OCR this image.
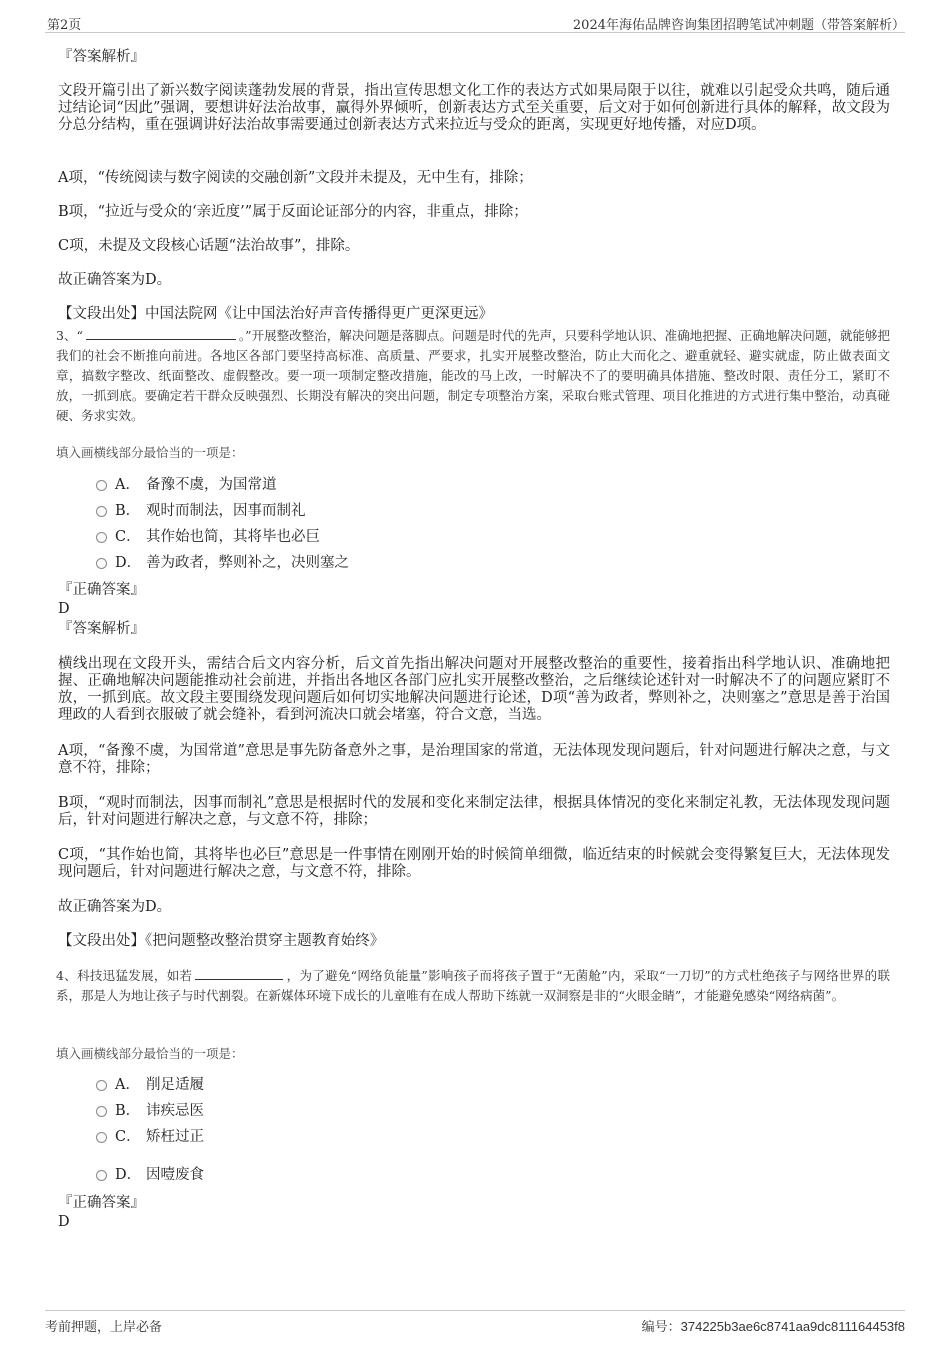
第2页	2024年海佑品牌咨询集团招聘笔试冲刺题（带答案解析）
『答案解析』
文段开篇引出了新兴数字阅读蓬勃发展的背景，指出宣传思想文化工作的表达方式如果局限于以往，就难以引起受众共鸣，随后通过结论词“因此”强调，要想讲好法治故事，赢得外界倾听，创新表达方式至关重要，后文对于如何创新进行具体的解释，故文段为分总分结构，重在强调讲好法治故事需要通过创新表达方式来拉近与受众的距离，实现更好地传播，对应D项。
A项，“传统阅读与数字阅读的交融创新”文段并未提及，无中生有，排除；
B项，“拉近与受众的‘亲近度’”属于反面论证部分的内容，非重点，排除；
C项，未提及文段核心话题“法治故事”，排除。
故正确答案为D。
【文段出处】中国法院网《让中国法治好声音传播得更广更深更远》
3、“	。”开展整改整治，解决问题是落脚点。问题是时代的先声，只要科学地认识、准确地把握、正确地解决问题，就能够把我们的社会不断推向前进。各地区各部门要坚持高标准、高质量、严要求，扎实开展整改整治，防止大而化之、避重就轻、避实就虚，防止做表面文章，搞数字整改、纸面整改、虚假整改。要一项一项制定整改措施，能改的马上改，一时解决不了的要明确具体措施、整改时限、责任分工，紧盯不放，一抓到底。要确定若干群众反映强烈、长期没有解决的突出问题，制定专项整治方案，采取台账式管理、项目化推进的方式进行集中整治，动真碰硬、务求实效。
填入画横线部分最恰当的一项是：
A． 备豫不虞，为国常道
B． 观时而制法，因事而制礼
C． 其作始也简，其将毕也必巨
D． 善为政者，弊则补之，决则塞之
『正确答案』
D
『答案解析』
横线出现在文段开头，需结合后文内容分析，后文首先指出解决问题对开展整改整治的重要性，接着指出科学地认识、准确地把握、正确地解决问题能推动社会前进，并指出各地区各部门应扎实开展整改整治，之后继续论述针对一时解决不了的问题应紧盯不放，一抓到底。故文段主要围绕发现问题后如何切实地解决问题进行论述，D项“善为政者，弊则补之，决则塞之”意思是善于治国理政的人看到衣服破了就会缝补，看到河流决口就会堵塞，符合文意，当选。
A项，“备豫不虞，为国常道”意思是事先防备意外之事，是治理国家的常道，无法体现发现问题后，针对问题进行解决之意，与文意不符，排除；
B项，“观时而制法，因事而制礼”意思是根据时代的发展和变化来制定法律，根据具体情况的变化来制定礼教，无法体现发现问题后，针对问题进行解决之意，与文意不符，排除；
C项，“其作始也简，其将毕也必巨”意思是一件事情在刚刚开始的时候简单细微，临近结束的时候就会变得繁复巨大，无法体现发现问题后，针对问题进行解决之意，与文意不符，排除。
故正确答案为D。
【文段出处】《把问题整改整治贯穿主题教育始终》
4、科技迅猛发展，如若	，为了避免“网络负能量”影响孩子而将孩子置于“无菌舱”内，采取“一刀切”的方式杜绝孩子与网络世界的联系，那是人为地让孩子与时代割裂。在新媒体环境下成长的儿童唯有在成人帮助下练就一双洞察是非的“火眼金睛”，才能避免感染“网络病菌”。
填入画横线部分最恰当的一项是：
A． 削足适履
B． 讳疾忌医
C． 矫枉过正
D． 因噎废食
『正确答案』
D
考前押题，上岸必备	编号：374225b3ae6c8741aa9dc811164453f8
